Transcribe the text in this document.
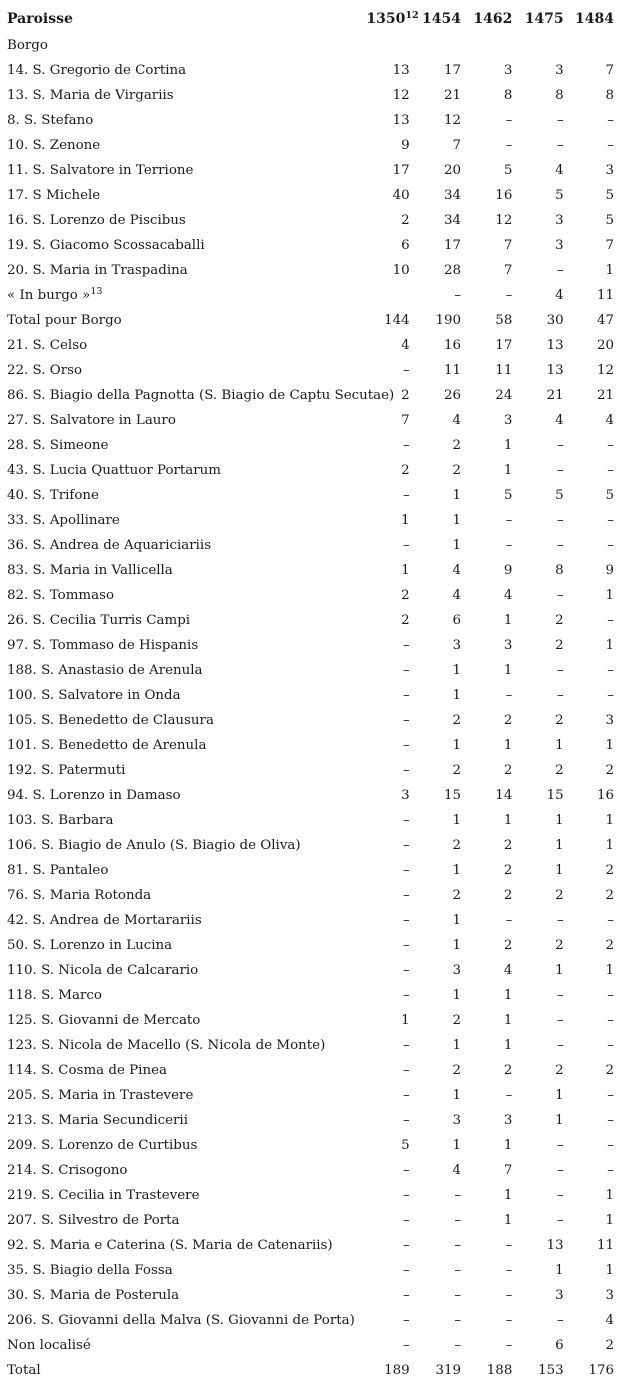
Paroisse	1350$^{12}$	1454	1462	1475	1484
Borgo					
14. S. Gregorio de Cortina	13	17	3	3	7
13. S. Maria de Virgariis	12	21	8	8	8
8. S. Stefano	13	12	–	–	–
10. S. Zenone	9	7	–	–	–
11. S. Salvatore in Terrione	17	20	5	4	3
17. S Michele	40	34	16	5	5
16. S. Lorenzo de Piscibus	2	34	12	3	5
19. S. Giacomo Scossacaballi	6	17	7	3	7
20. S. Maria in Traspadina	10	28	7	–	1
« In burgo »$^{13}$		–	–	4	11
Total pour Borgo	144	190	58	30	47
21. S. Celso	4	16	17	13	20
22. S. Orso	–	11	11	13	12
86. S. Biagio della Pagnotta (S. Biagio de Captu Secutae)	2	26	24	21	21
27. S. Salvatore in Lauro	7	4	3	4	4
28. S. Simeone	–	2	1	–	–
43. S. Lucia Quattuor Portarum	2	2	1	–	–
40. S. Trifone	–	1	5	5	5
33. S. Apollinare	1	1	–	–	–
36. S. Andrea de Aquariciariis	–	1	–	–	–
83. S. Maria in Vallicella	1	4	9	8	9
82. S. Tommaso	2	4	4	–	1
26. S. Cecilia Turris Campi	2	6	1	2	–
97. S. Tommaso de Hispanis	–	3	3	2	1
188. S. Anastasio de Arenula	–	1	1	–	–
100. S. Salvatore in Onda	–	1	–	–	–
105. S. Benedetto de Clausura	–	2	2	2	3
101. S. Benedetto de Arenula	–	1	1	1	1
192. S. Patermuti	–	2	2	2	2
94. S. Lorenzo in Damaso	3	15	14	15	16
103. S. Barbara	–	1	1	1	1
106. S. Biagio de Anulo (S. Biagio de Oliva)	–	2	2	1	1
81. S. Pantaleo	–	1	2	1	2
76. S. Maria Rotonda	–	2	2	2	2
42. S. Andrea de Mortarariis	–	1	–	–	–
50. S. Lorenzo in Lucina	–	1	2	2	2
110. S. Nicola de Calcarario	–	3	4	1	1
118. S. Marco	–	1	1	–	–
125. S. Giovanni de Mercato	1	2	1	–	–
123. S. Nicola de Macello (S. Nicola de Monte)	–	1	1	–	–
114. S. Cosma de Pinea	–	2	2	2	2
205. S. Maria in Trastevere	–	1	–	1	–
213. S. Maria Secundicerii	–	3	3	1	–
209. S. Lorenzo de Curtibus	5	1	1	–	–
214. S. Crisogono	–	4	7	–	–
219. S. Cecilia in Trastevere	–	–	1	–	1
207. S. Silvestro de Porta	–	–	1	–	1
92. S. Maria e Caterina (S. Maria de Catenariis)	–	–	–	13	11
35. S. Biagio della Fossa	–	–	–	1	1
30. S. Maria de Posterula	–	–	–	3	3
206. S. Giovanni della Malva (S. Giovanni de Porta)	–	–	–	–	4
Non localisé	–	–	–	6	2
Total	189	319	188	153	176
